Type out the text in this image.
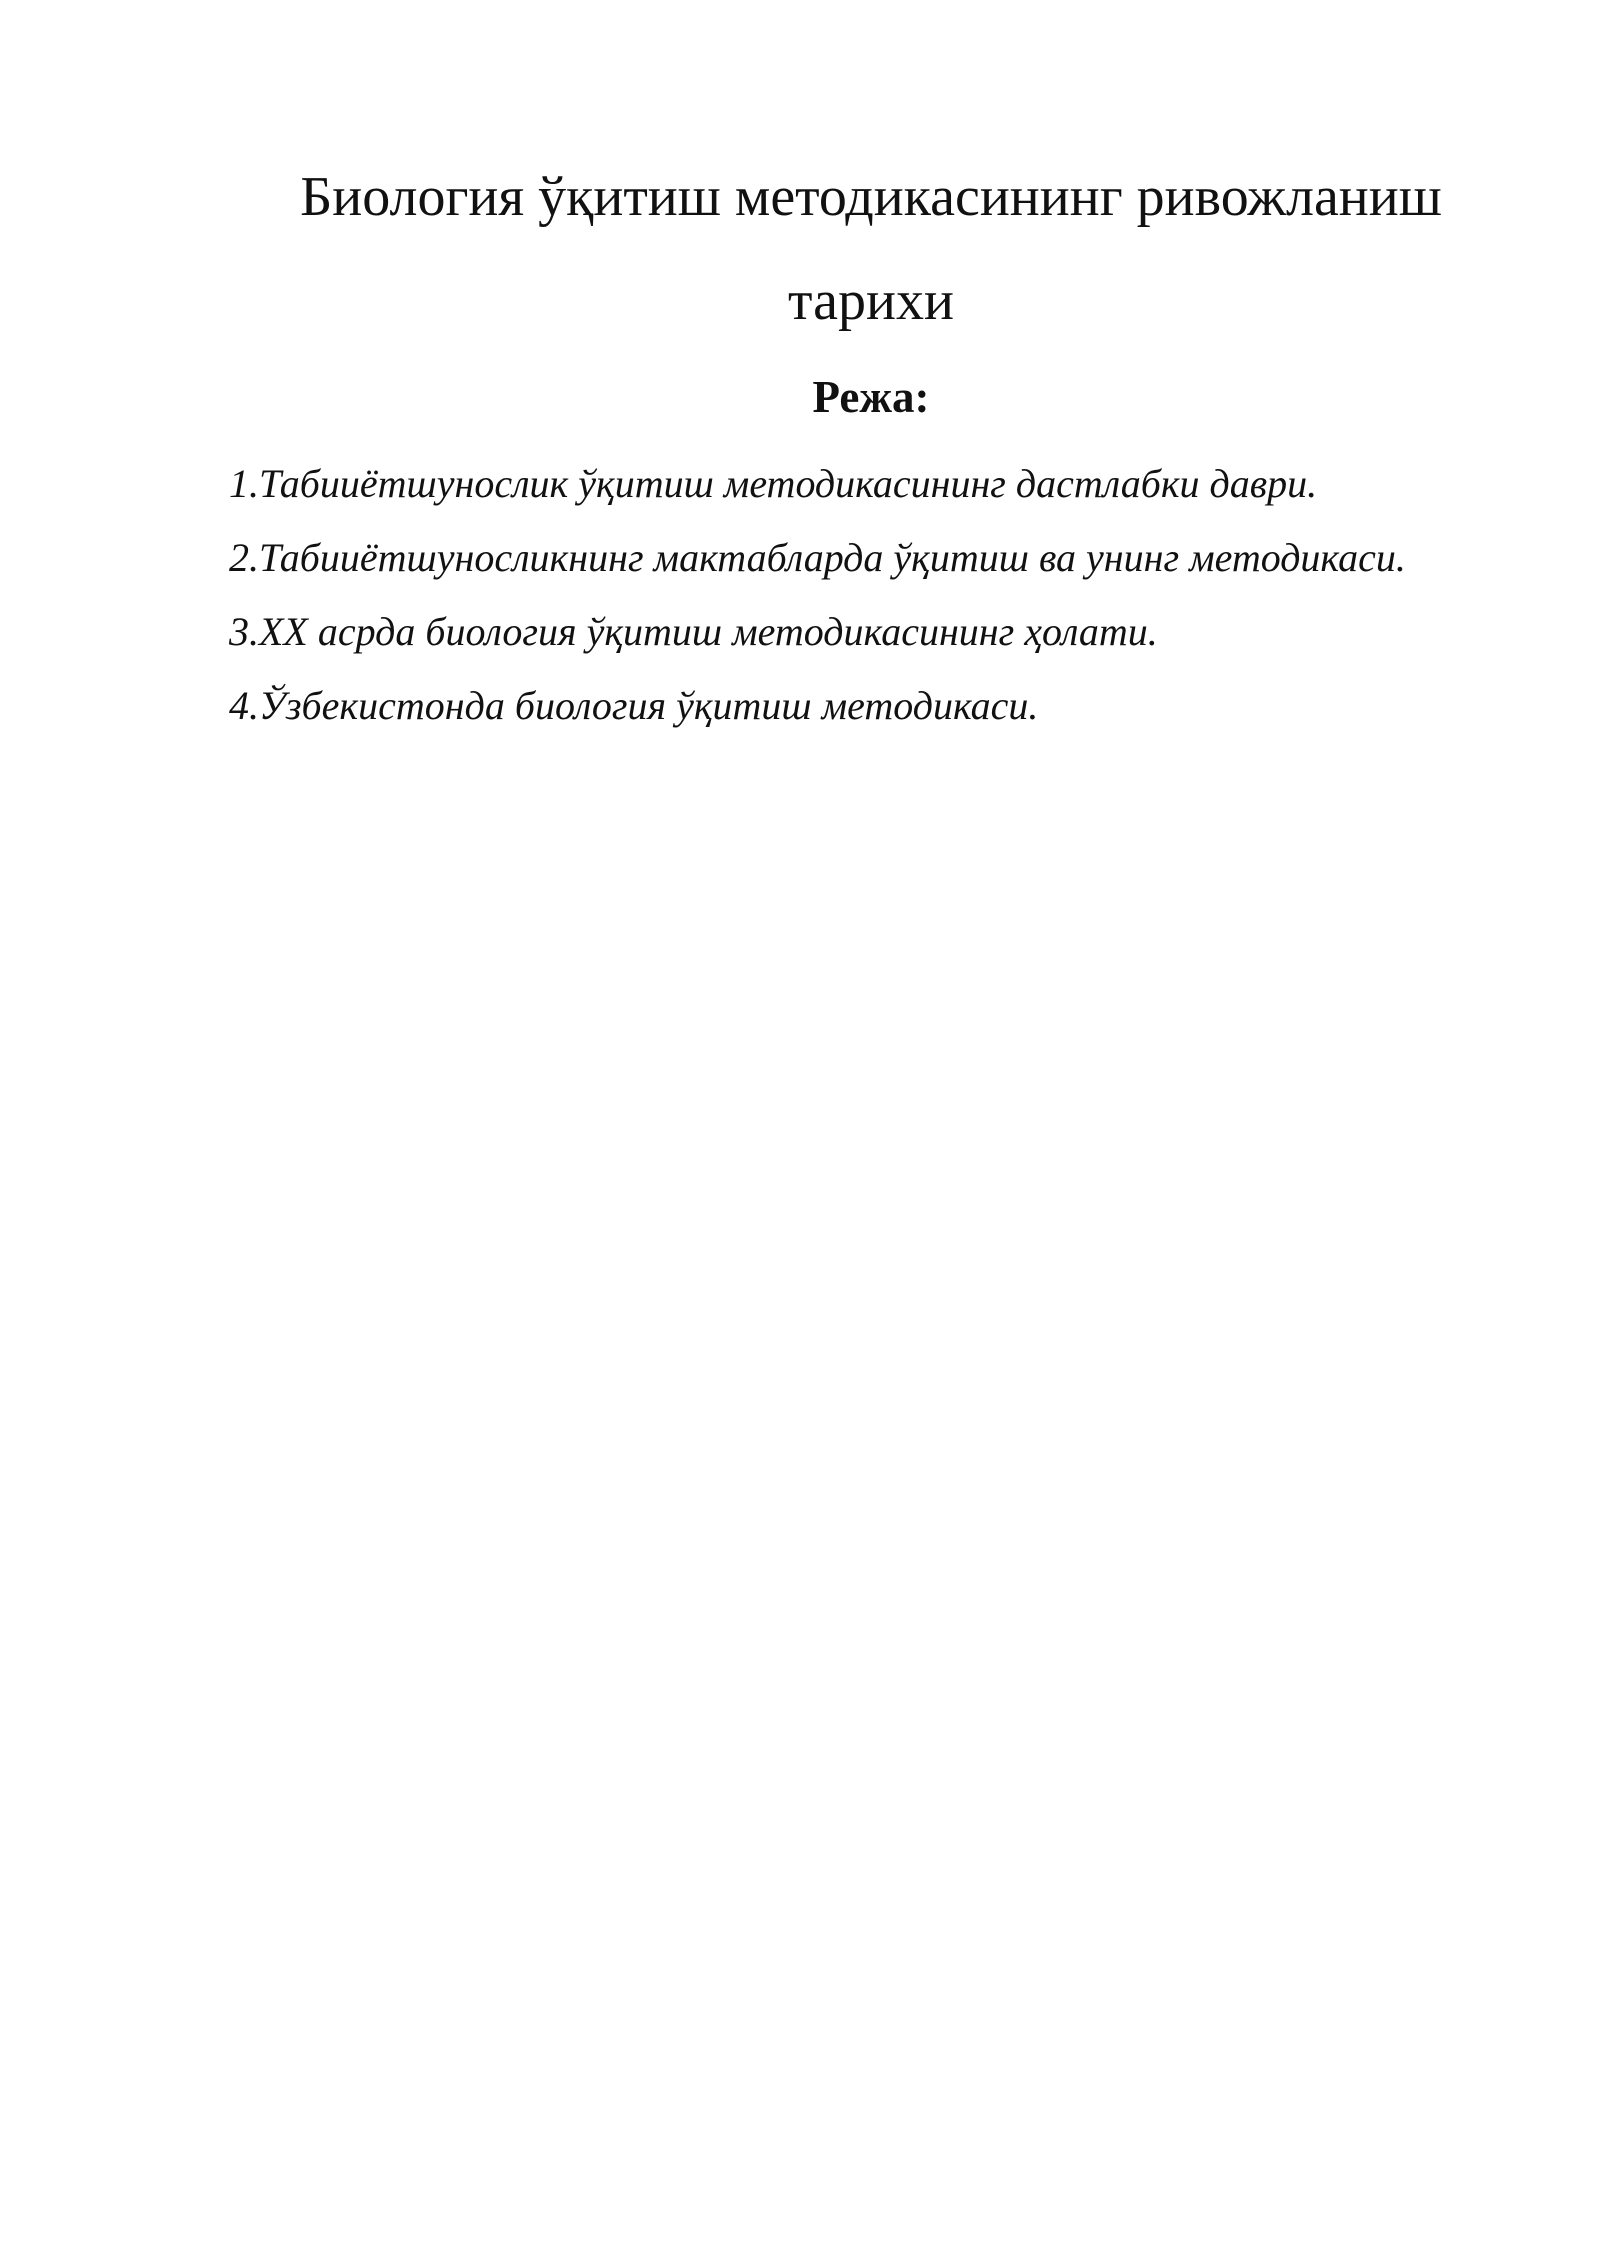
Биология ўқитиш методикасининг ривожланиш тарихи
Режа:
1.Табииётшунослик ўқитиш методикасининг дастлабки даври.
2.Табииётшуносликнинг мактабларда ўқитиш ва унинг методикаси.
3.XX асрда биология ўқитиш методикасининг ҳолати.
4.Ўзбекистонда биология ўқитиш методикаси.
